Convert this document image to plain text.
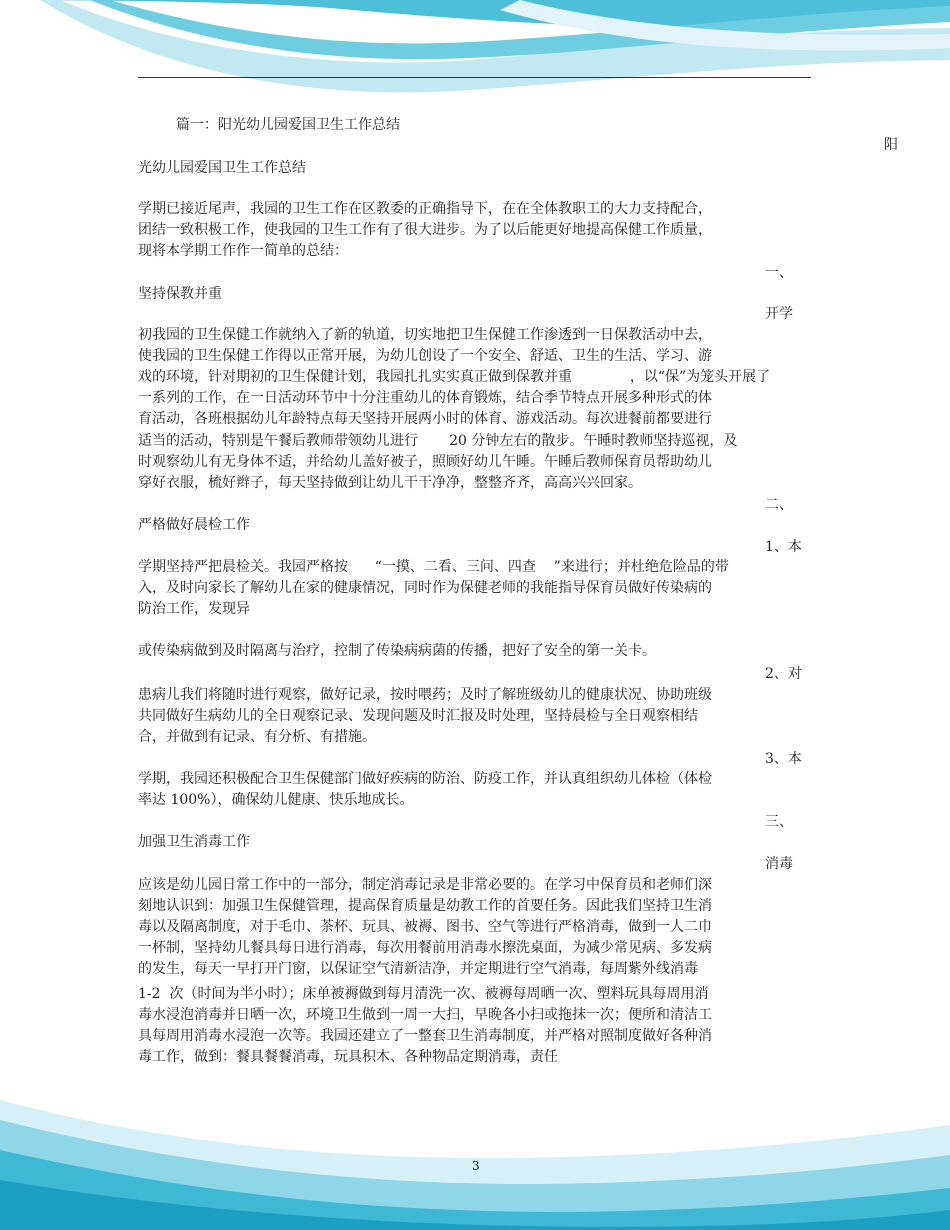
篇一：阳光幼儿园爱国卫生工作总结
阳
光幼儿园爱国卫生工作总结
学期已接近尾声，我园的卫生工作在区教委的正确指导下，在在全体教职工的大力支持配合，
团结一致积极工作，使我园的卫生工作有了很大进步。为了以后能更好地提高保健工作质量，
现将本学期工作作一简单的总结：
一、
坚持保教并重
开学
初我园的卫生保健工作就纳入了新的轨道，切实地把卫生保健工作渗透到一日保教活动中去，
使我园的卫生保健工作得以正常开展，为幼儿创设了一个安全、舒适、卫生的生活、学习、游
戏的环境，针对期初的卫生保健计划，我园扎扎实实真正做到保教并重             ，以“保”为笼头开展了
一系列的工作，在一日活动环节中十分注重幼儿的体育锻炼，结合季节特点开展多种形式的体
育活动，各班根据幼儿年龄特点每天坚持开展两小时的体育、游戏活动。每次进餐前都要进行
适当的活动，特别是午餐后教师带领幼儿进行       20 分钟左右的散步。午睡时教师坚持巡视，及
时观察幼儿有无身体不适，并给幼儿盖好被子，照顾好幼儿午睡。午睡后教师保育员帮助幼儿
穿好衣服，梳好辫子，每天坚持做到让幼儿干干净净，整整齐齐，高高兴兴回家。
二、
严格做好晨检工作
1、本
学期坚持严把晨检关。我园严格按      “一摸、二看、三问、四查    ”来进行；并杜绝危险品的带
入，及时向家长了解幼儿在家的健康情况，同时作为保健老师的我能指导保育员做好传染病的
防治工作，发现异
或传染病做到及时隔离与治疗，控制了传染病病菌的传播，把好了安全的第一关卡。
2、对
患病儿我们将随时进行观察，做好记录，按时喂药；及时了解班级幼儿的健康状况、协助班级
共同做好生病幼儿的全日观察记录、发现问题及时汇报及时处理，坚持晨检与全日观察相结
合，并做到有记录、有分析、有措施。
3、本
学期，我园还积极配合卫生保健部门做好疾病的防治、防疫工作，并认真组织幼儿体检（体检
率达 100%），确保幼儿健康、快乐地成长。
三、
加强卫生消毒工作
消毒
应该是幼儿园日常工作中的一部分，制定消毒记录是非常必要的。在学习中保育员和老师们深
刻地认识到：加强卫生保健管理，提高保育质量是幼教工作的首要任务。因此我们坚持卫生消
毒以及隔离制度，对于毛巾、茶杯、玩具、被褥、图书、空气等进行严格消毒，做到一人二巾
一杯制，坚持幼儿餐具每日进行消毒，每次用餐前用消毒水擦洗桌面，为减少常见病、多发病
的发生，每天一早打开门窗，以保证空气清新洁净，并定期进行空气消毒，每周紫外线消毒
1-2  次（时间为半小时）；床单被褥做到每月清洗一次、被褥每周晒一次、塑料玩具每周用消
毒水浸泡消毒并日晒一次，环境卫生做到一周一大扫，早晚各小扫或拖抹一次；便所和清洁工
具每周用消毒水浸泡一次等。我园还建立了一整套卫生消毒制度，并严格对照制度做好各种消
毒工作，做到：餐具餐餐消毒，玩具积木、各种物品定期消毒，责任
3
